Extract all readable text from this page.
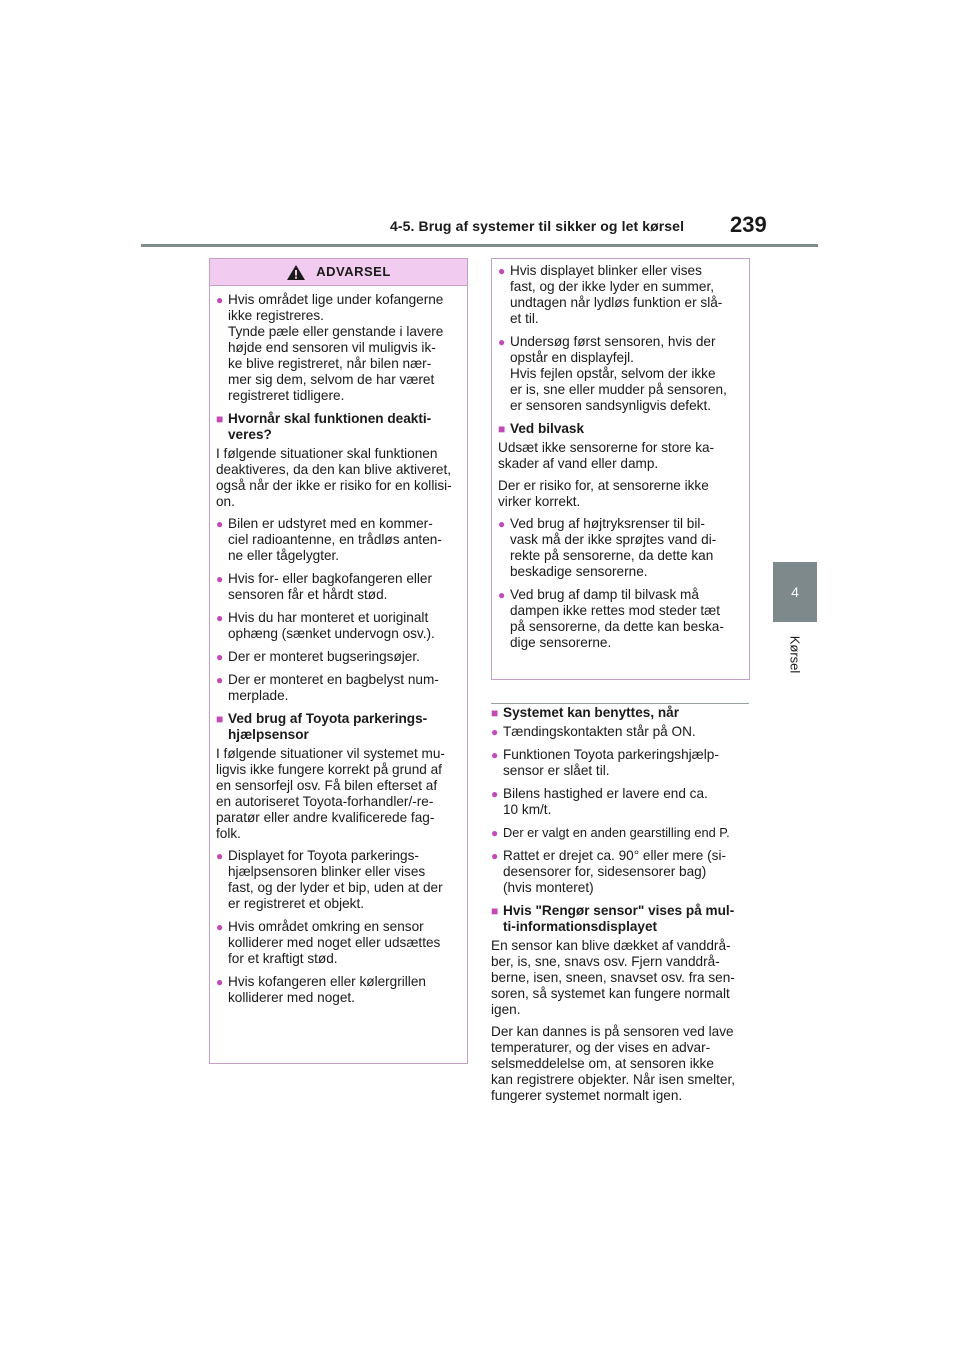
4-5. Brug af systemer til sikker og let kørsel	239
4
Kørsel
ADVARSEL
● Hvis området lige under kofangerne
ikke registreres.
Tynde pæle eller genstande i lavere
højde end sensoren vil muligvis ik-
ke blive registreret, når bilen nær-
mer sig dem, selvom de har været
registreret tidligere.
■ Hvornår skal funktionen deakti-
veres?
I følgende situationer skal funktionen
deaktiveres, da den kan blive aktiveret,
også når der ikke er risiko for en kollisi-
on.
● Bilen er udstyret med en kommer-
ciel radioantenne, en trådløs anten-
ne eller tågelygter.
● Hvis for- eller bagkofangeren eller
sensoren får et hårdt stød.
● Hvis du har monteret et uoriginalt
ophæng (sænket undervogn osv.).
● Der er monteret bugseringsøjer.
● Der er monteret en bagbelyst num-
merplade.
■ Ved brug af Toyota parkerings-
hjælpsensor
I følgende situationer vil systemet mu-
ligvis ikke fungere korrekt på grund af
en sensorfejl osv. Få bilen efterset af
en autoriseret Toyota-forhandler/-re-
paratør eller andre kvalificerede fag-
folk.
● Displayet for Toyota parkerings-
hjælpsensoren blinker eller vises
fast, og der lyder et bip, uden at der
er registreret et objekt.
● Hvis området omkring en sensor
kolliderer med noget eller udsættes
for et kraftigt stød.
● Hvis kofangeren eller kølergrillen
kolliderer med noget.
● Hvis displayet blinker eller vises
fast, og der ikke lyder en summer,
undtagen når lydløs funktion er slå-
et til.
● Undersøg først sensoren, hvis der
opstår en displayfejl.
Hvis fejlen opstår, selvom der ikke
er is, sne eller mudder på sensoren,
er sensoren sandsynligvis defekt.
■ Ved bilvask
Udsæt ikke sensorerne for store ka-
skader af vand eller damp.
Der er risiko for, at sensorerne ikke
virker korrekt.
● Ved brug af højtryksrenser til bil-
vask må der ikke sprøjtes vand di-
rekte på sensorerne, da dette kan
beskadige sensorerne.
● Ved brug af damp til bilvask må
dampen ikke rettes mod steder tæt
på sensorerne, da dette kan beska-
dige sensorerne.
■ Systemet kan benyttes, når
● Tændingskontakten står på ON.
● Funktionen Toyota parkeringshjælp-
sensor er slået til.
● Bilens hastighed er lavere end ca.
10 km/t.
● Der er valgt en anden gearstilling end P.
● Rattet er drejet ca. 90° eller mere (si-
desensorer for, sidesensorer bag)
(hvis monteret)
■ Hvis "Rengør sensor" vises på mul-
ti-informationsdisplayet
En sensor kan blive dækket af vanddrå-
ber, is, sne, snavs osv. Fjern vanddrå-
berne, isen, sneen, snavset osv. fra sen-
soren, så systemet kan fungere normalt
igen.
Der kan dannes is på sensoren ved lave
temperaturer, og der vises en advar-
selsmeddelelse om, at sensoren ikke
kan registrere objekter. Når isen smelter,
fungerer systemet normalt igen.
